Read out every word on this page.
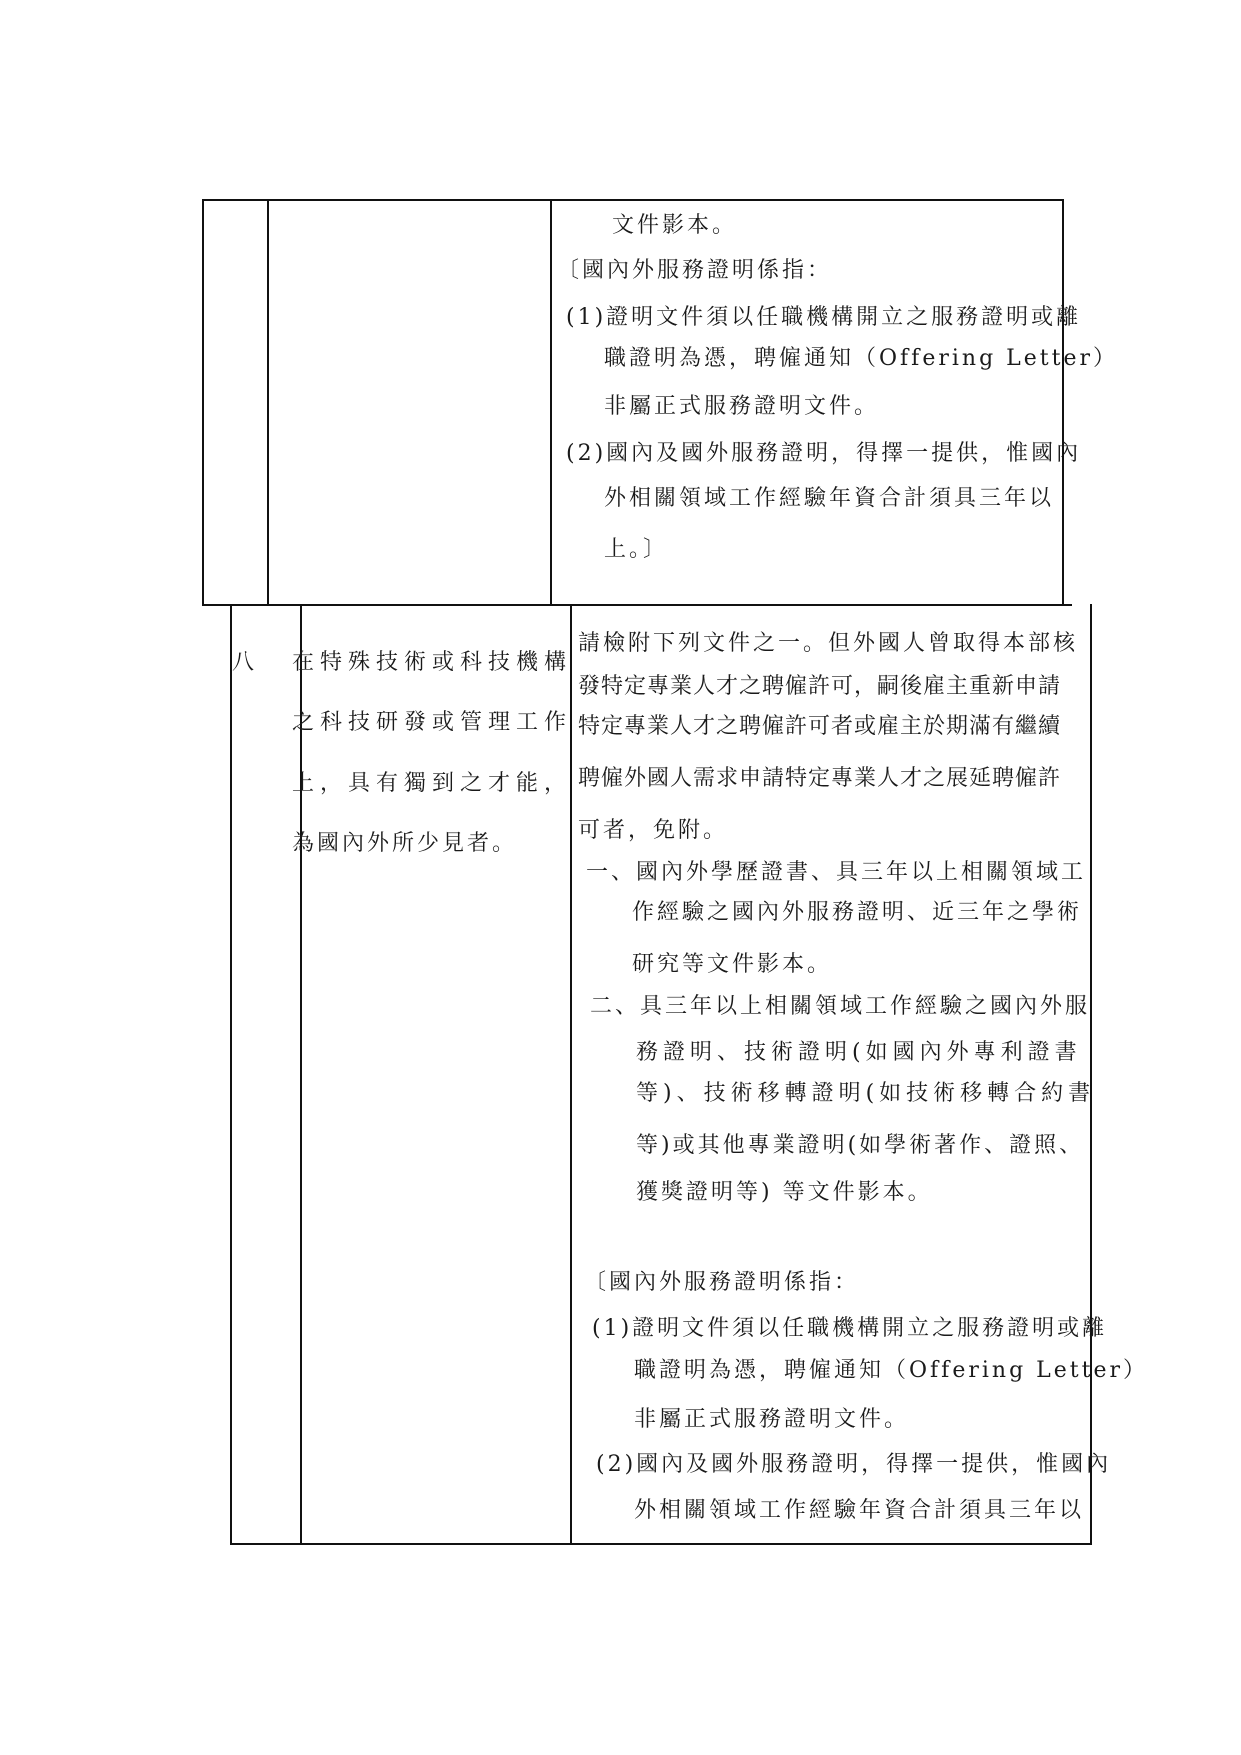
文件影本。
〔國內外服務證明係指：
(1)證明文件須以任職機構開立之服務證明或離
職證明為憑，聘僱通知（Offering Letter）
非屬正式服務證明文件。
(2)國內及國外服務證明，得擇一提供，惟國內
外相關領域工作經驗年資合計須具三年以
上。〕
八 在特殊技術或科技機構
之科技研發或管理工作
上，具有獨到之才能，
為國內外所少見者。
請檢附下列文件之一。但外國人曾取得本部核
發特定專業人才之聘僱許可，嗣後雇主重新申請
特定專業人才之聘僱許可者或雇主於期滿有繼續
聘僱外國人需求申請特定專業人才之展延聘僱許
可者，免附。
一、國內外學歷證書、具三年以上相關領域工
作經驗之國內外服務證明、近三年之學術
研究等文件影本。
二、具三年以上相關領域工作經驗之國內外服
務證明、技術證明(如國內外專利證書
等)、技術移轉證明(如技術移轉合約書
等)或其他專業證明(如學術著作、證照、
獲獎證明等) 等文件影本。
〔國內外服務證明係指：
(1)證明文件須以任職機構開立之服務證明或離
職證明為憑，聘僱通知（Offering Letter）
非屬正式服務證明文件。
(2)國內及國外服務證明，得擇一提供，惟國內
外相關領域工作經驗年資合計須具三年以
